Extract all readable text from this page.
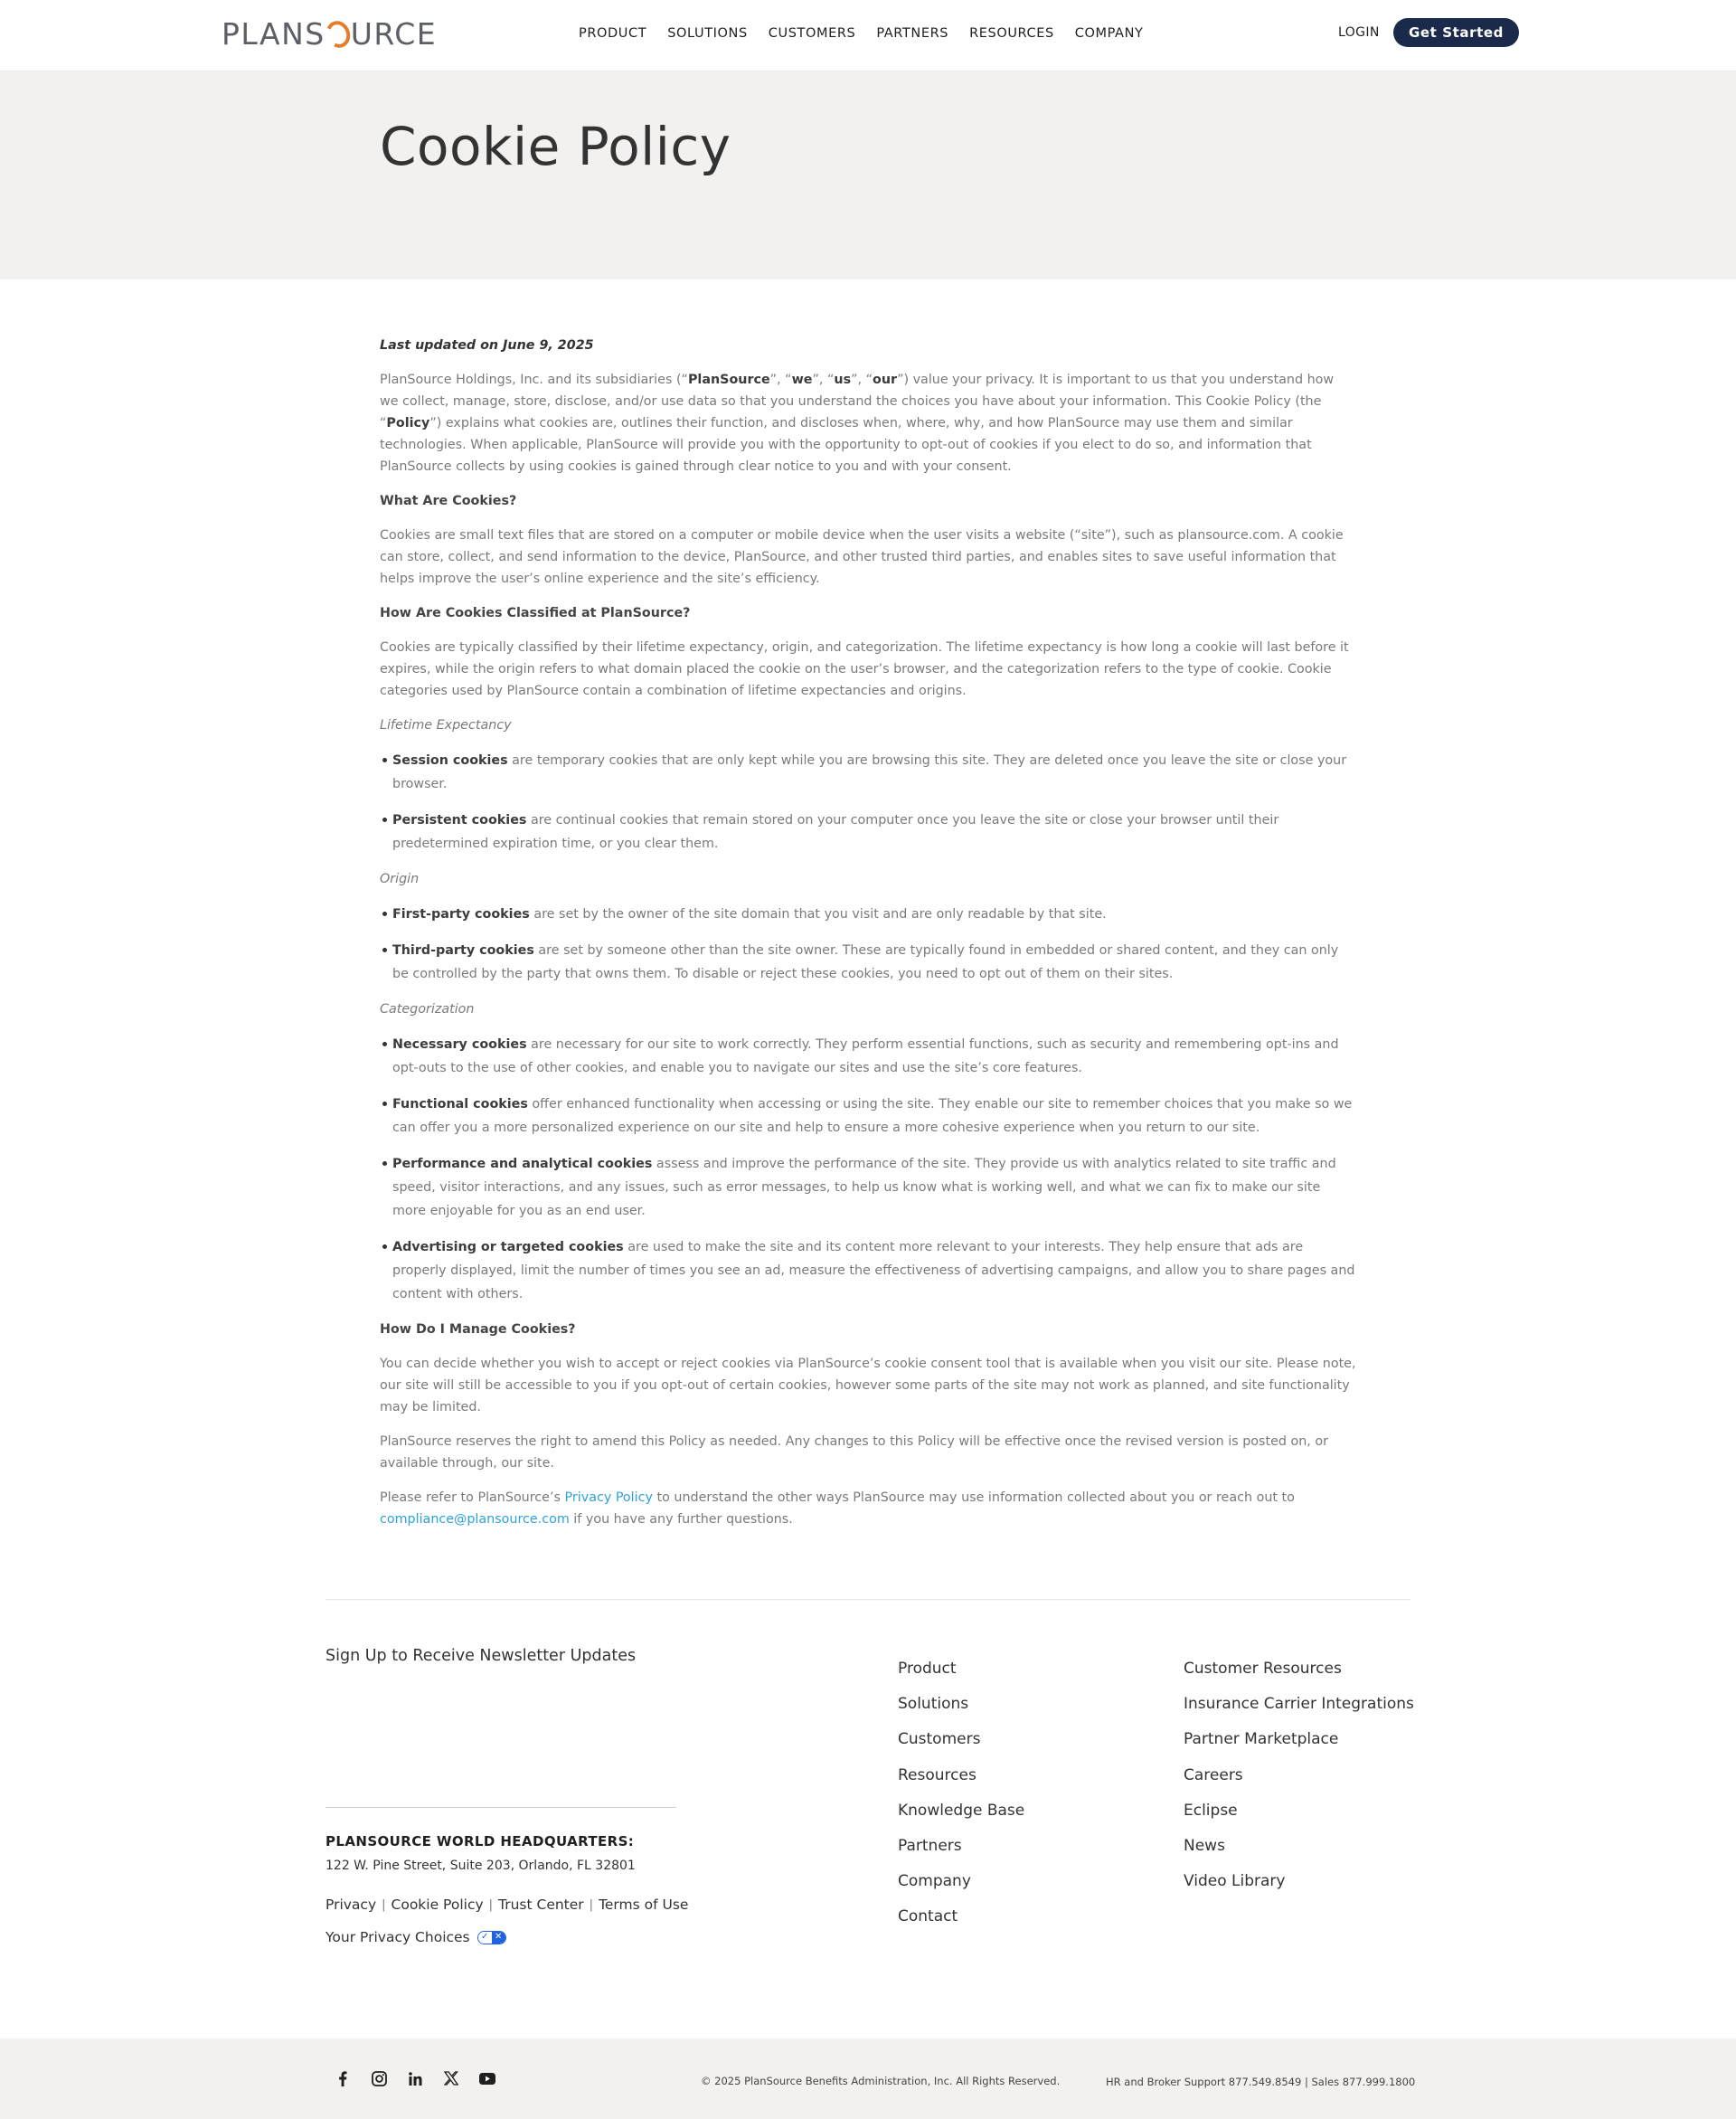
PLANS URCE	PRODUCT SOLUTIONS CUSTOMERS PARTNERS RESOURCES COMPANY	LOGIN	Get Started
Cookie Policy

Last updated on June 9, 2025

PlanSource Holdings, Inc. and its subsidiaries (“PlanSource”, “we”, “us”, “our”) value your privacy. It is important to us that you understand how we collect, manage, store, disclose, and/or use data so that you understand the choices you have about your information. This Cookie Policy (the “Policy”) explains what cookies are, outlines their function, and discloses when, where, why, and how PlanSource may use them and similar technologies. When applicable, PlanSource will provide you with the opportunity to opt-out of cookies if you elect to do so, and information that PlanSource collects by using cookies is gained through clear notice to you and with your consent.

What Are Cookies?

Cookies are small text files that are stored on a computer or mobile device when the user visits a website (“site”), such as plansource.com. A cookie can store, collect, and send information to the device, PlanSource, and other trusted third parties, and enables sites to save useful information that helps improve the user’s online experience and the site’s efficiency.

How Are Cookies Classified at PlanSource?

Cookies are typically classified by their lifetime expectancy, origin, and categorization. The lifetime expectancy is how long a cookie will last before it expires, while the origin refers to what domain placed the cookie on the user’s browser, and the categorization refers to the type of cookie. Cookie categories used by PlanSource contain a combination of lifetime expectancies and origins.

Lifetime Expectancy

Session cookies are temporary cookies that are only kept while you are browsing this site. They are deleted once you leave the site or close your browser.
Persistent cookies are continual cookies that remain stored on your computer once you leave the site or close your browser until their predetermined expiration time, or you clear them.

Origin

First-party cookies are set by the owner of the site domain that you visit and are only readable by that site.
Third-party cookies are set by someone other than the site owner. These are typically found in embedded or shared content, and they can only be controlled by the party that owns them. To disable or reject these cookies, you need to opt out of them on their sites.

Categorization

Necessary cookies are necessary for our site to work correctly. They perform essential functions, such as security and remembering opt-ins and opt-outs to the use of other cookies, and enable you to navigate our sites and use the site’s core features.
Functional cookies offer enhanced functionality when accessing or using the site. They enable our site to remember choices that you make so we can offer you a more personalized experience on our site and help to ensure a more cohesive experience when you return to our site.
Performance and analytical cookies assess and improve the performance of the site. They provide us with analytics related to site traffic and speed, visitor interactions, and any issues, such as error messages, to help us know what is working well, and what we can fix to make our site more enjoyable for you as an end user.
Advertising or targeted cookies are used to make the site and its content more relevant to your interests. They help ensure that ads are properly displayed, limit the number of times you see an ad, measure the effectiveness of advertising campaigns, and allow you to share pages and content with others.

How Do I Manage Cookies?

You can decide whether you wish to accept or reject cookies via PlanSource’s cookie consent tool that is available when you visit our site. Please note, our site will still be accessible to you if you opt-out of certain cookies, however some parts of the site may not work as planned, and site functionality may be limited.

PlanSource reserves the right to amend this Policy as needed. Any changes to this Policy will be effective once the revised version is posted on, or available through, our site.

Please refer to PlanSource’s Privacy Policy to understand the other ways PlanSource may use information collected about you or reach out to
compliance@plansource.com if you have any further questions.

Sign Up to Receive Newsletter Updates
PLANSOURCE WORLD HEADQUARTERS:
122 W. Pine Street, Suite 203, Orlando, FL 32801
Privacy | Cookie Policy | Trust Center | Terms of Use
Your Privacy Choices	✓ ✕
Product
Solutions
Customers
Resources
Knowledge Base
Partners
Company
Contact
Customer Resources
Insurance Carrier Integrations
Partner Marketplace
Careers
Eclipse
News
Video Library
© 2025 PlanSource Benefits Administration, Inc. All Rights Reserved.	HR and Broker Support 877.549.8549 | Sales 877.999.1800
